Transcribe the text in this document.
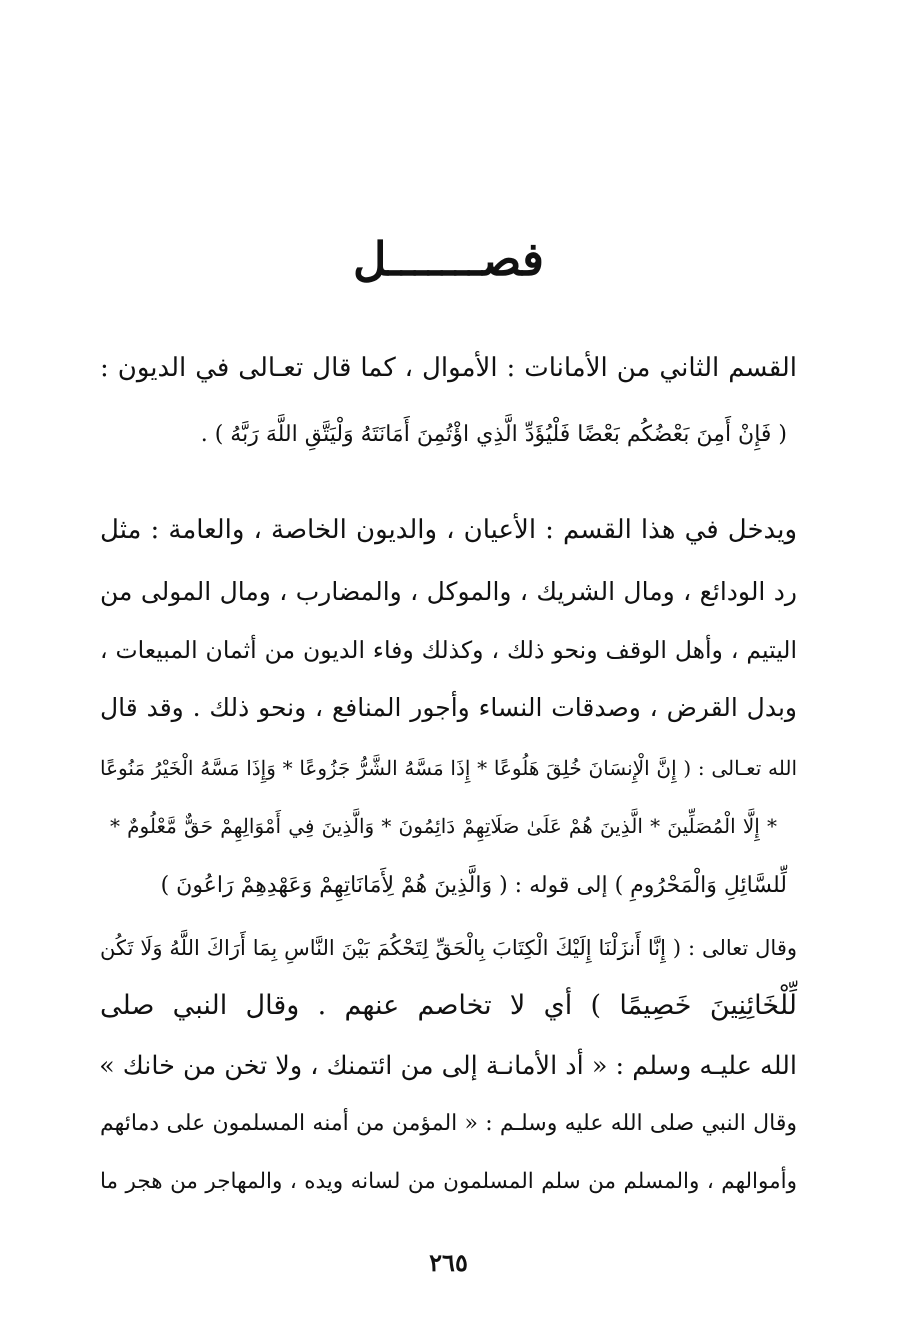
فصـــــــل
القسم الثاني من الأمانات : الأموال ، كما قال تعـالى في الديون :
( فَإِنْ أَمِنَ بَعْضُكُم بَعْضًا فَلْيُؤَدِّ الَّذِي اؤْتُمِنَ أَمَانَتَهُ وَلْيَتَّقِ اللَّهَ رَبَّهُ ) .
ويدخل في هذا القسم : الأعيان ، والديون الخاصة ، والعامة : مثل
رد الودائع ، ومال الشريك ، والموكل ، والمضارب ، ومال المولى من
اليتيم ، وأهل الوقف ونحو ذلك ، وكذلك وفاء الديون من أثمان المبيعات ،
وبدل القرض ، وصدقات النساء وأجور المنافع ، ونحو ذلك . وقد قال
الله تعـالى : ( إِنَّ الْإِنسَانَ خُلِقَ هَلُوعًا * إِذَا مَسَّهُ الشَّرُّ جَزُوعًا * وَإِذَا مَسَّهُ الْخَيْرُ مَنُوعًا
* إِلَّا الْمُصَلِّينَ * الَّذِينَ هُمْ عَلَىٰ صَلَاتِهِمْ دَائِمُونَ * وَالَّذِينَ فِي أَمْوَالِهِمْ حَقٌّ مَّعْلُومٌ *
لِّلسَّائِلِ وَالْمَحْرُومِ ) إلى قوله : ( وَالَّذِينَ هُمْ لِأَمَانَاتِهِمْ وَعَهْدِهِمْ رَاعُونَ )
وقال تعالى : ( إِنَّا أَنزَلْنَا إِلَيْكَ الْكِتَابَ بِالْحَقِّ لِتَحْكُمَ بَيْنَ النَّاسِ بِمَا أَرَاكَ اللَّهُ وَلَا تَكُن
لِّلْخَائِنِينَ خَصِيمًا ) أي لا تخاصم عنهم . وقال النبي صلى
الله عليـه وسلم : « أد الأمانـة إلى من ائتمنك ، ولا تخن من خانك »
وقال النبي صلى الله عليه وسلـم : « المؤمن من أمنه المسلمون على دمائهم
وأموالهم ، والمسلم من سلم المسلمون من لسانه ويده ، والمهاجر من هجر ما
٢٦٥
